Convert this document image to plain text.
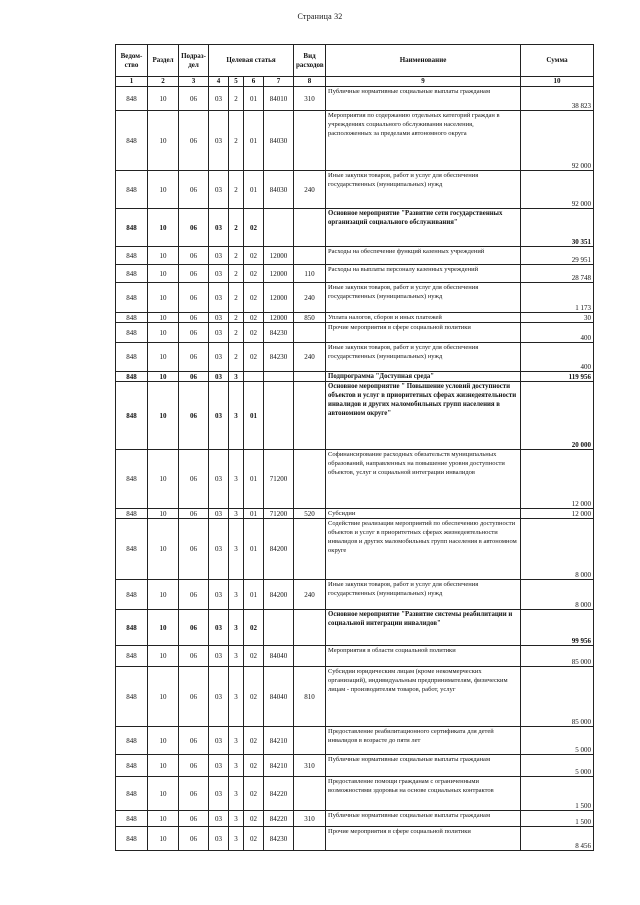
Страница 32
Ведом-ство	Раздел	Подраз-дел	Целевая статья				Вид расходов	Наименование	Сумма
1	2	3	4	5	6	7	8	9	10
848	10	06	03	2	01	84010	310	Публичные нормативные социальные выплаты гражданам	38 823
848	10	06	03	2	01	84030		Мероприятия по содержанию отдельных категорий граждан в учреждениях социального обслуживания населения, расположенных за пределами автономного округа	92 000
848	10	06	03	2	01	84030	240	Иные закупки товаров, работ и услуг для обеспечения государственных (муниципальных) нужд	92 000
848	10	06	03	2	02			Основное мероприятие "Развитие сети государственных организаций социального обслуживания"	30 351
848	10	06	03	2	02	12000		Расходы на обеспечение функций казенных учреждений	29 951
848	10	06	03	2	02	12000	110	Расходы на выплаты персоналу казенных учреждений	28 748
848	10	06	03	2	02	12000	240	Иные закупки товаров, работ и услуг для обеспечения государственных (муниципальных) нужд	1 173
848	10	06	03	2	02	12000	850	Уплата налогов, сборов и иных платежей	30
848	10	06	03	2	02	84230		Прочие мероприятия в сфере социальной политики	400
848	10	06	03	2	02	84230	240	Иные закупки товаров, работ и услуг для обеспечения государственных (муниципальных) нужд	400
848	10	06	03	3				Подпрограмма "Доступная среда"	119 956
848	10	06	03	3	01			Основное мероприятие " Повышение условий доступности объектов и услуг в приоритетных сферах жизнедеятельности инвалидов и других маломобильных групп населения в автономном округе"	20 000
848	10	06	03	3	01	71200		Софинансирование расходных обязательств муниципальных образований, направленных на повышение уровня доступности объектов, услуг и социальной интеграции инвалидов	12 000
848	10	06	03	3	01	71200	520	Субсидии	12 000
848	10	06	03	3	01	84200		Содействие реализации мероприятий по обеспечению доступности объектов и услуг в приоритетных сферах жизнедеятельности инвалидов и других маломобильных групп населения в автономном округе	8 000
848	10	06	03	3	01	84200	240	Иные закупки товаров, работ и услуг для обеспечения государственных (муниципальных) нужд	8 000
848	10	06	03	3	02			Основное мероприятие "Развитие системы реабилитации и социальной интеграции инвалидов"	99 956
848	10	06	03	3	02	84040		Мероприятия в области социальной политики	85 000
848	10	06	03	3	02	84040	810	Субсидии юридическим лицам (кроме некоммерческих организаций), индивидуальным предпринимателям, физическим лицам - производителям товаров, работ, услуг	85 000
848	10	06	03	3	02	84210		Предоставление реабилитационного сертификата для детей инвалидов в возрасте до пяти лет	5 000
848	10	06	03	3	02	84210	310	Публичные нормативные социальные выплаты гражданам	5 000
848	10	06	03	3	02	84220		Предоставление помощи гражданам с ограниченными возможностями здоровья на основе социальных контрактов	1 500
848	10	06	03	3	02	84220	310	Публичные нормативные социальные выплаты гражданам	1 500
848	10	06	03	3	02	84230		Прочие мероприятия в сфере социальной политики	8 456
